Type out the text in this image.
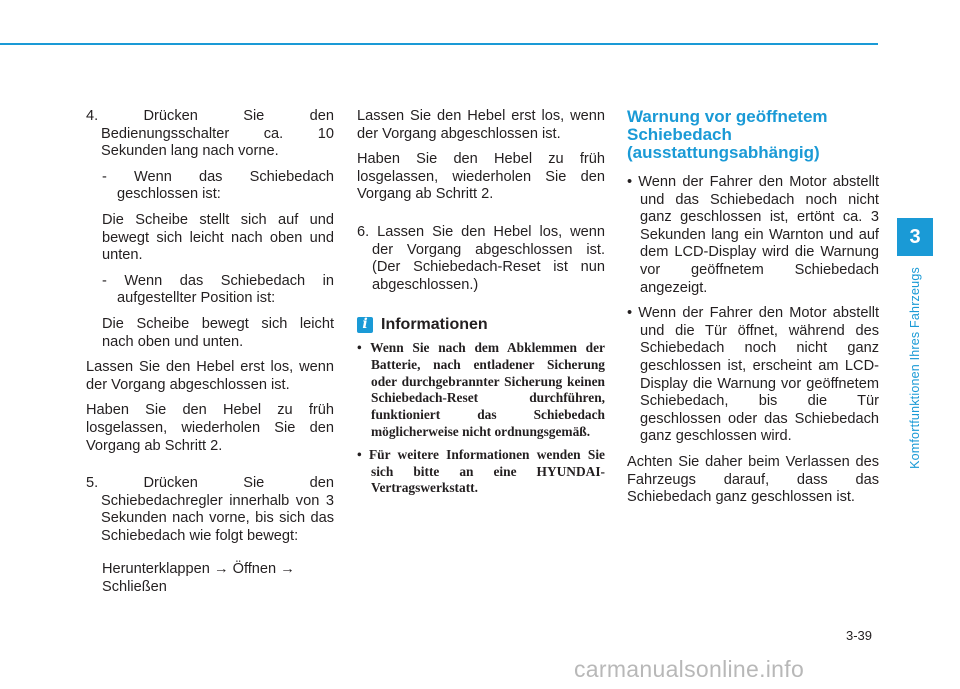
4. Drücken Sie den Bedienungsschalter ca. 10 Sekunden lang nach vorne.

- Wenn das Schiebedach geschlossen ist:

Die Scheibe stellt sich auf und bewegt sich leicht nach oben und unten.

- Wenn das Schiebedach in aufgestellter Position ist:

Die Scheibe bewegt sich leicht nach oben und unten.

Lassen Sie den Hebel erst los, wenn der Vorgang abgeschlossen ist.

Haben Sie den Hebel zu früh losgelassen, wiederholen Sie den Vorgang ab Schritt 2.

5. Drücken Sie den Schiebedachregler innerhalb von 3 Sekunden nach vorne, bis sich das Schiebedach wie folgt bewegt:

Herunterklappen → Öffnen → Schließen

Lassen Sie den Hebel erst los, wenn der Vorgang abgeschlossen ist.

Haben Sie den Hebel zu früh losgelassen, wiederholen Sie den Vorgang ab Schritt 2.

6. Lassen Sie den Hebel los, wenn der Vorgang abgeschlossen ist. (Der Schiebedach-Reset ist nun abgeschlossen.)

i Informationen

• Wenn Sie nach dem Abklemmen der Batterie, nach entladener Sicherung oder durchgebrannter Sicherung keinen Schiebedach-Reset durchführen, funktioniert das Schiebedach möglicherweise nicht ordnungsgemäß.

• Für weitere Informationen wenden Sie sich bitte an eine HYUNDAI-Vertragswerkstatt.

Warnung vor geöffnetem Schiebedach (ausstattungsabhängig)

• Wenn der Fahrer den Motor abstellt und das Schiebedach noch nicht ganz geschlossen ist, ertönt ca. 3 Sekunden lang ein Warnton und auf dem LCD-Display wird die Warnung vor geöffnetem Schiebedach angezeigt.

• Wenn der Fahrer den Motor abstellt und die Tür öffnet, während des Schiebedach noch nicht ganz geschlossen ist, erscheint am LCD-Display die Warnung vor geöffnetem Schiebedach, bis die Tür geschlossen oder das Schiebedach ganz geschlossen wird.

Achten Sie daher beim Verlassen des Fahrzeugs darauf, dass das Schiebedach ganz geschlossen ist.

3
Komfortfunktionen Ihres Fahrzeugs
3-39
carmanualsonline.info
